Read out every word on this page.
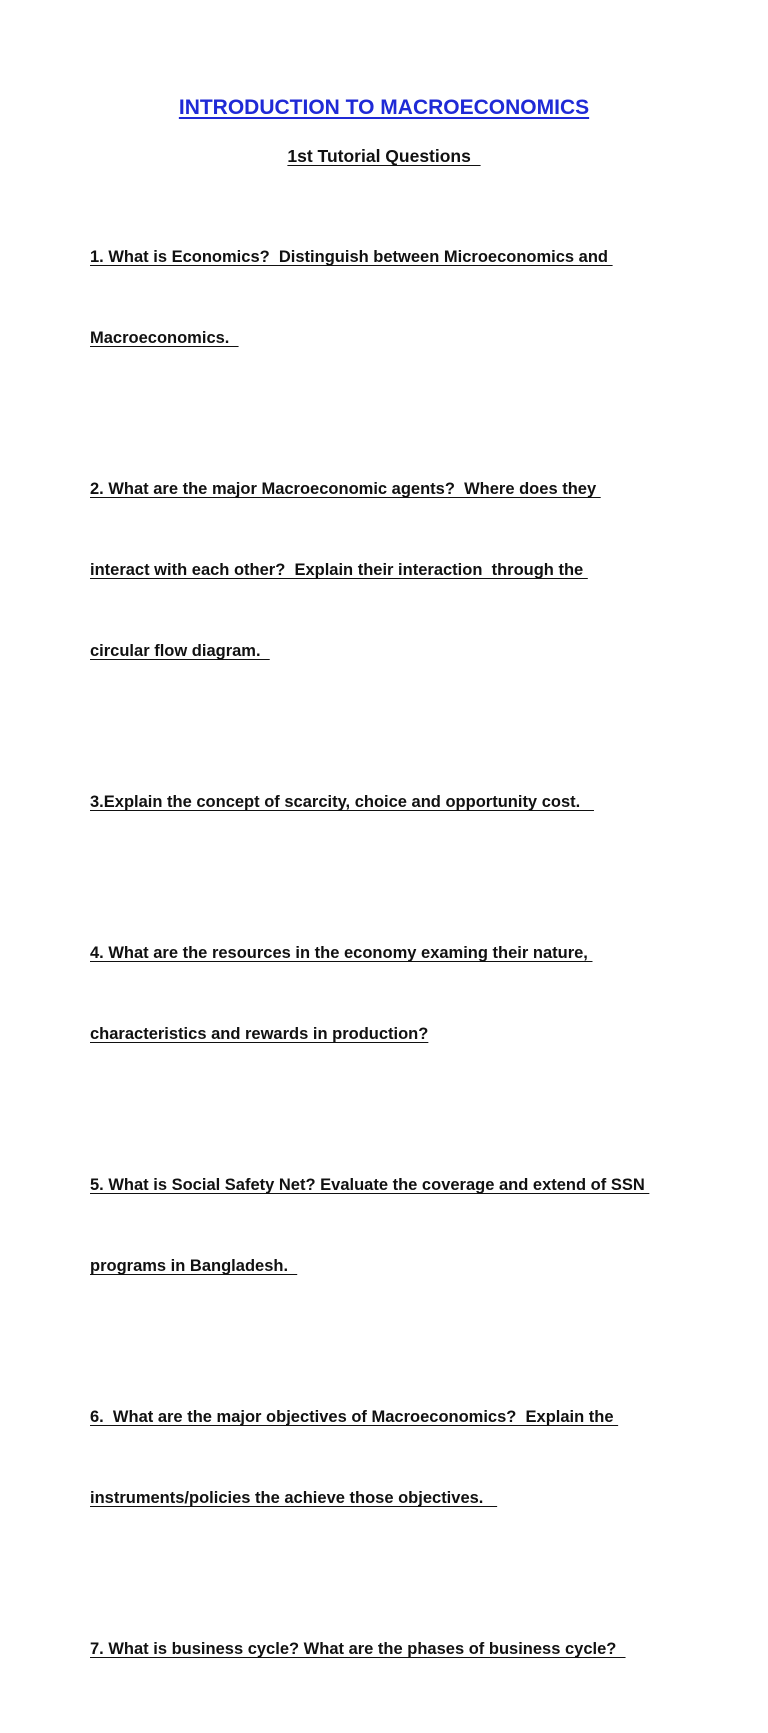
INTRODUCTION TO MACROECONOMICS
1st Tutorial Questions

1. What is Economics?  Distinguish between Microeconomics and

Macroeconomics.

2. What are the major Macroeconomic agents?  Where does they

interact with each other?  Explain their interaction  through the

circular flow diagram.

3.Explain the concept of scarcity, choice and opportunity cost.

4. What are the resources in the economy examing their nature,

characteristics and rewards in production?

5. What is Social Safety Net? Evaluate the coverage and extend of SSN

programs in Bangladesh.

6.  What are the major objectives of Macroeconomics?  Explain the

instruments/policies the achieve those objectives.

7. What is business cycle? What are the phases of business cycle?
